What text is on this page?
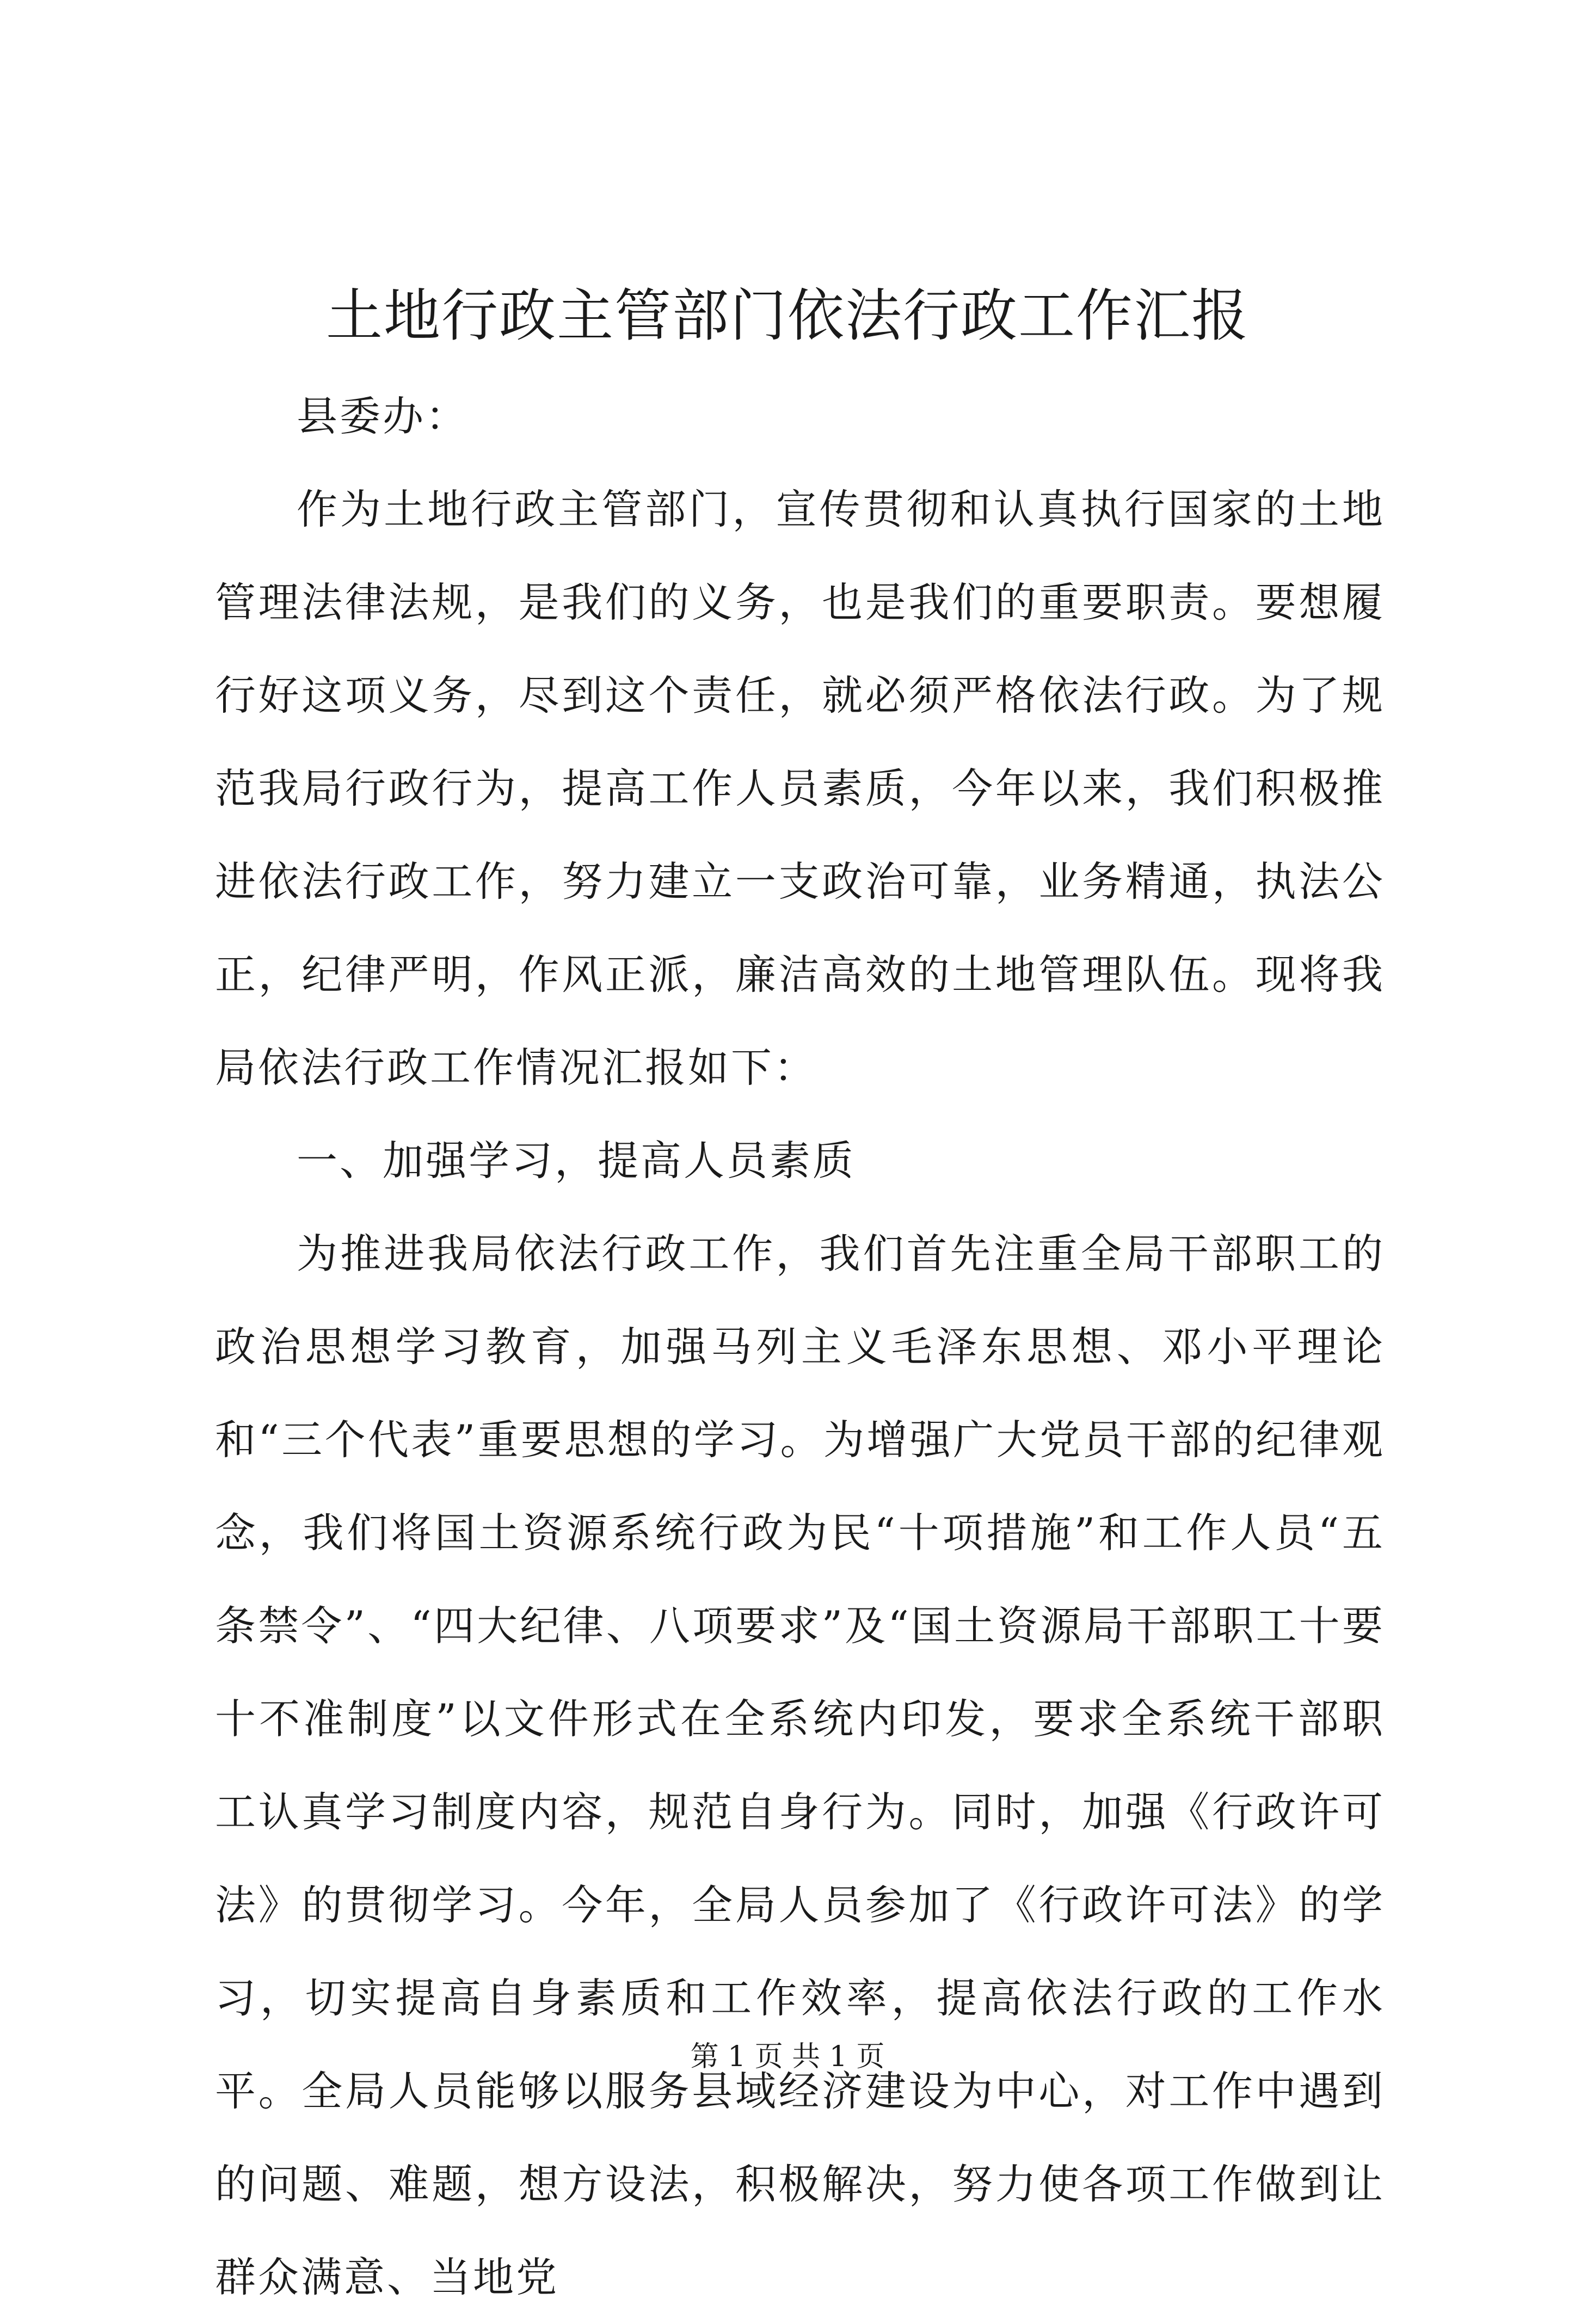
土地行政主管部门依法行政工作汇报

县委办：

作为土地行政主管部门，宣传贯彻和认真执行国家的土地管理法律法规，是我们的义务，也是我们的重要职责。要想履行好这项义务，尽到这个责任，就必须严格依法行政。为了规范我局行政行为，提高工作人员素质，今年以来，我们积极推进依法行政工作，努力建立一支政治可靠，业务精通，执法公正，纪律严明，作风正派，廉洁高效的土地管理队伍。现将我局依法行政工作情况汇报如下：

一、加强学习，提高人员素质

为推进我局依法行政工作，我们首先注重全局干部职工的政治思想学习教育，加强马列主义毛泽东思想、邓小平理论和“三个代表”重要思想的学习。为增强广大党员干部的纪律观念，我们将国土资源系统行政为民“十项措施”和工作人员“五条禁令”、“四大纪律、八项要求”及“国土资源局干部职工十要十不准制度”以文件形式在全系统内印发，要求全系统干部职工认真学习制度内容，规范自身行为。同时，加强《行政许可法》的贯彻学习。今年，全局人员参加了《行政许可法》的学习，切实提高自身素质和工作效率，提高依法行政的工作水平。全局人员能够以服务县域经济建设为中心，对工作中遇到的问题、难题，想方设法，积极解决，努力使各项工作做到让群众满意、当地党

第 1 页 共 1 页
